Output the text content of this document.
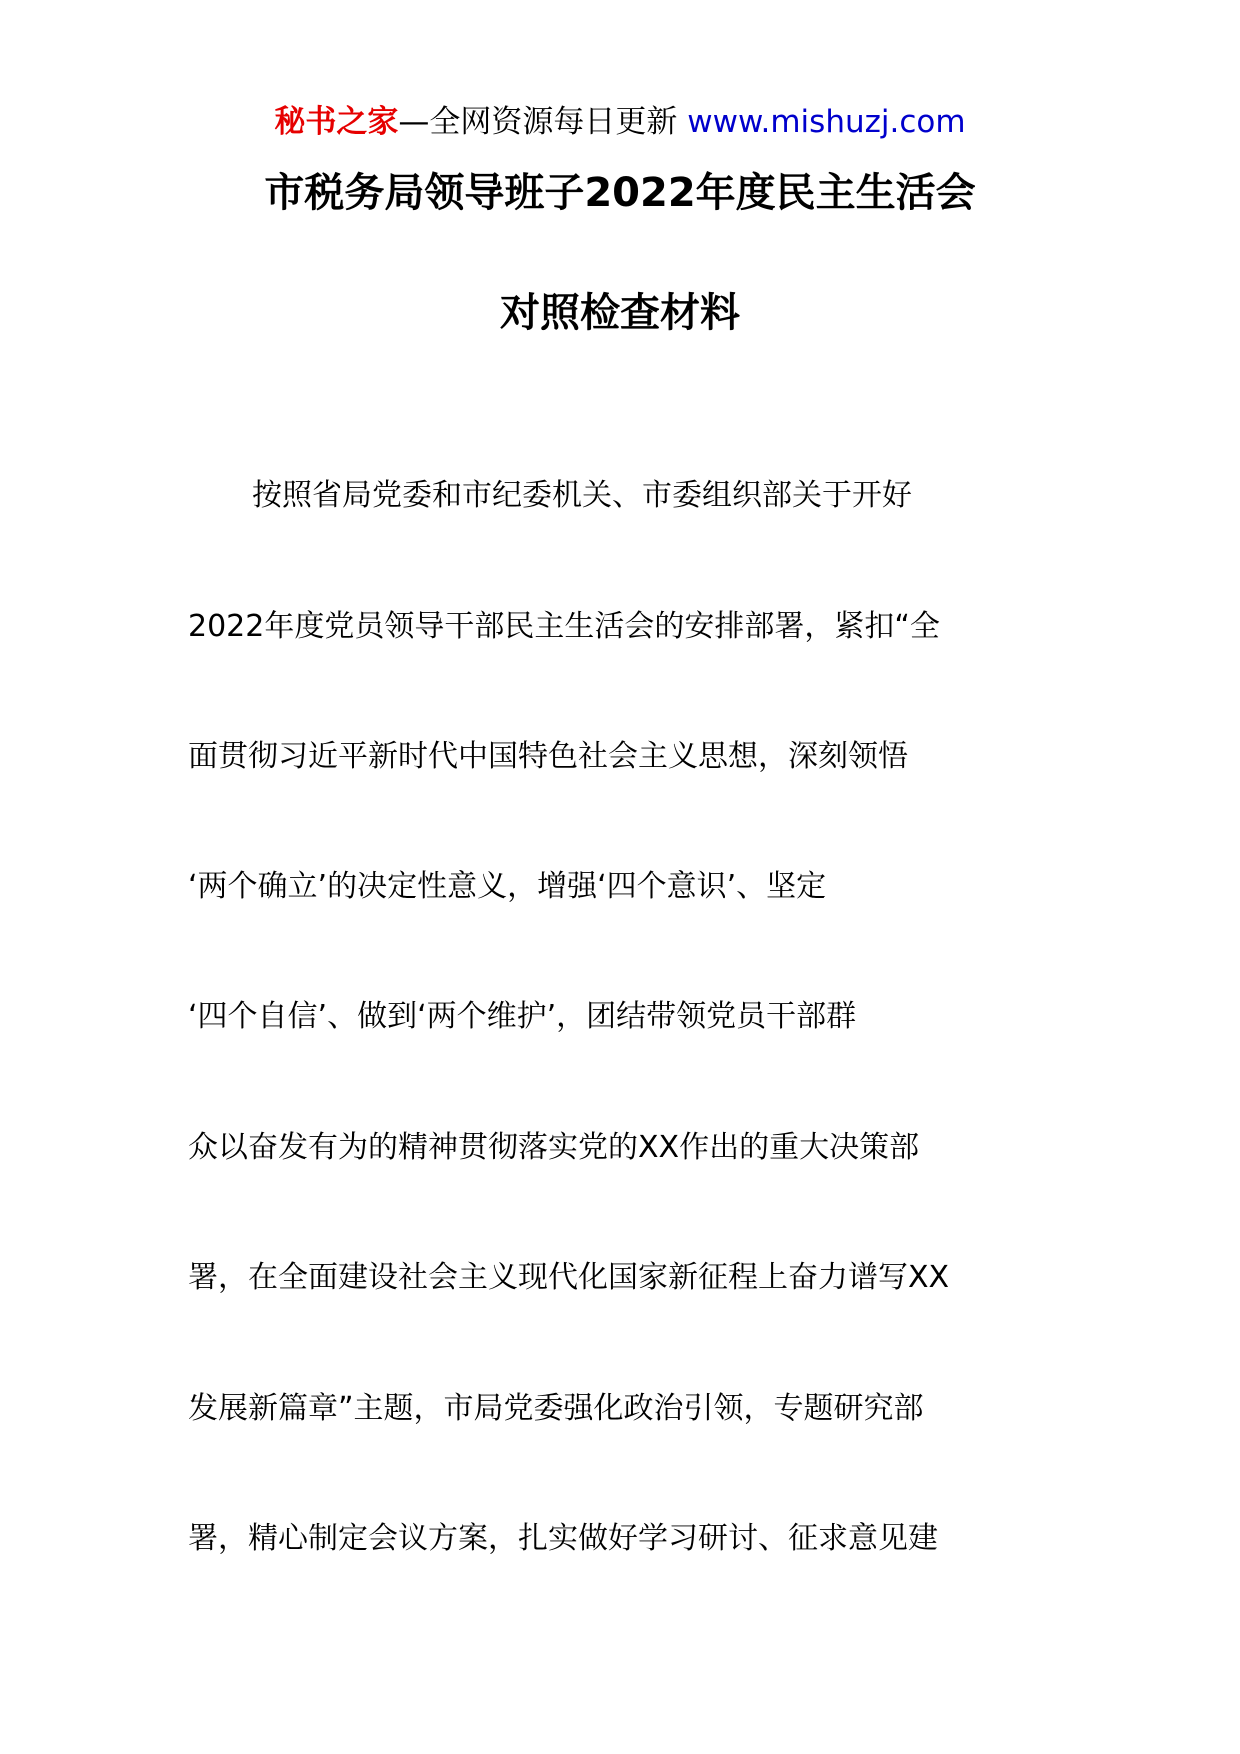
秘书之家—全网资源每日更新 www.mishuzj.com
市税务局领导班子2022年度民主生活会
对照检查材料
按照省局党委和市纪委机关、市委组织部关于开好
2022年度党员领导干部民主生活会的安排部署，紧扣“全
面贯彻习近平新时代中国特色社会主义思想，深刻领悟
‘两个确立’的决定性意义，增强‘四个意识’、坚定
‘四个自信’、做到‘两个维护’，团结带领党员干部群
众以奋发有为的精神贯彻落实党的XX作出的重大决策部
署，在全面建设社会主义现代化国家新征程上奋力谱写XX
发展新篇章”主题，市局党委强化政治引领，专题研究部
署，精心制定会议方案，扎实做好学习研讨、征求意见建
